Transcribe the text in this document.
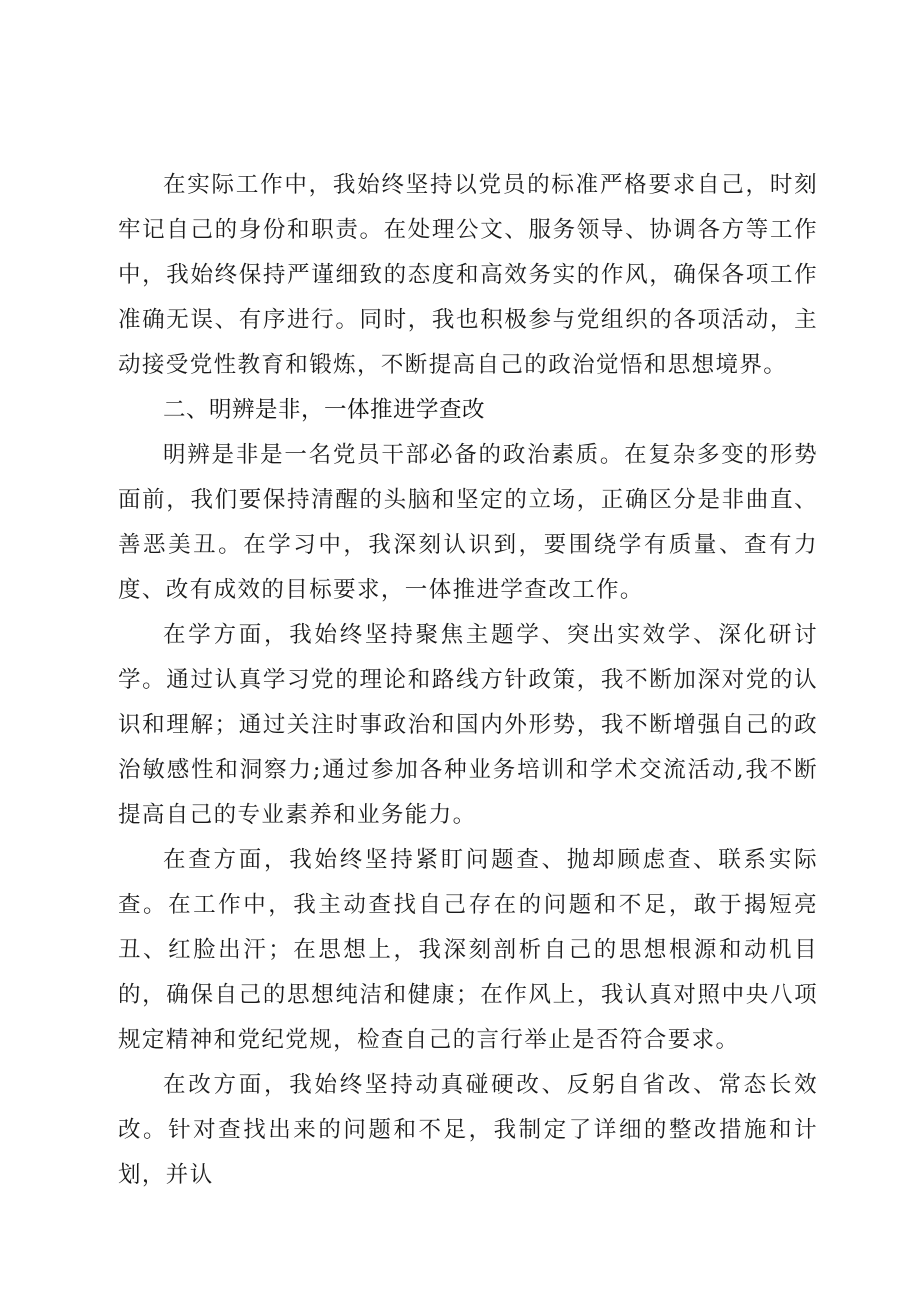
在实际工作中，我始终坚持以党员的标准严格要求自己，时刻牢记自己的身份和职责。在处理公文、服务领导、协调各方等工作中，我始终保持严谨细致的态度和高效务实的作风，确保各项工作准确无误、有序进行。同时，我也积极参与党组织的各项活动，主动接受党性教育和锻炼，不断提高自己的政治觉悟和思想境界。

二、明辨是非，一体推进学查改

明辨是非是一名党员干部必备的政治素质。在复杂多变的形势面前，我们要保持清醒的头脑和坚定的立场，正确区分是非曲直、善恶美丑。在学习中，我深刻认识到，要围绕学有质量、查有力度、改有成效的目标要求，一体推进学查改工作。

在学方面，我始终坚持聚焦主题学、突出实效学、深化研讨学。通过认真学习党的理论和路线方针政策，我不断加深对党的认识和理解；通过关注时事政治和国内外形势，我不断增强自己的政治敏感性和洞察力;通过参加各种业务培训和学术交流活动,我不断提高自己的专业素养和业务能力。

在查方面，我始终坚持紧盯问题查、抛却顾虑查、联系实际查。在工作中，我主动查找自己存在的问题和不足，敢于揭短亮丑、红脸出汗；在思想上，我深刻剖析自己的思想根源和动机目的，确保自己的思想纯洁和健康；在作风上，我认真对照中央八项规定精神和党纪党规，检查自己的言行举止是否符合要求。

在改方面，我始终坚持动真碰硬改、反躬自省改、常态长效改。针对查找出来的问题和不足，我制定了详细的整改措施和计划，并认
